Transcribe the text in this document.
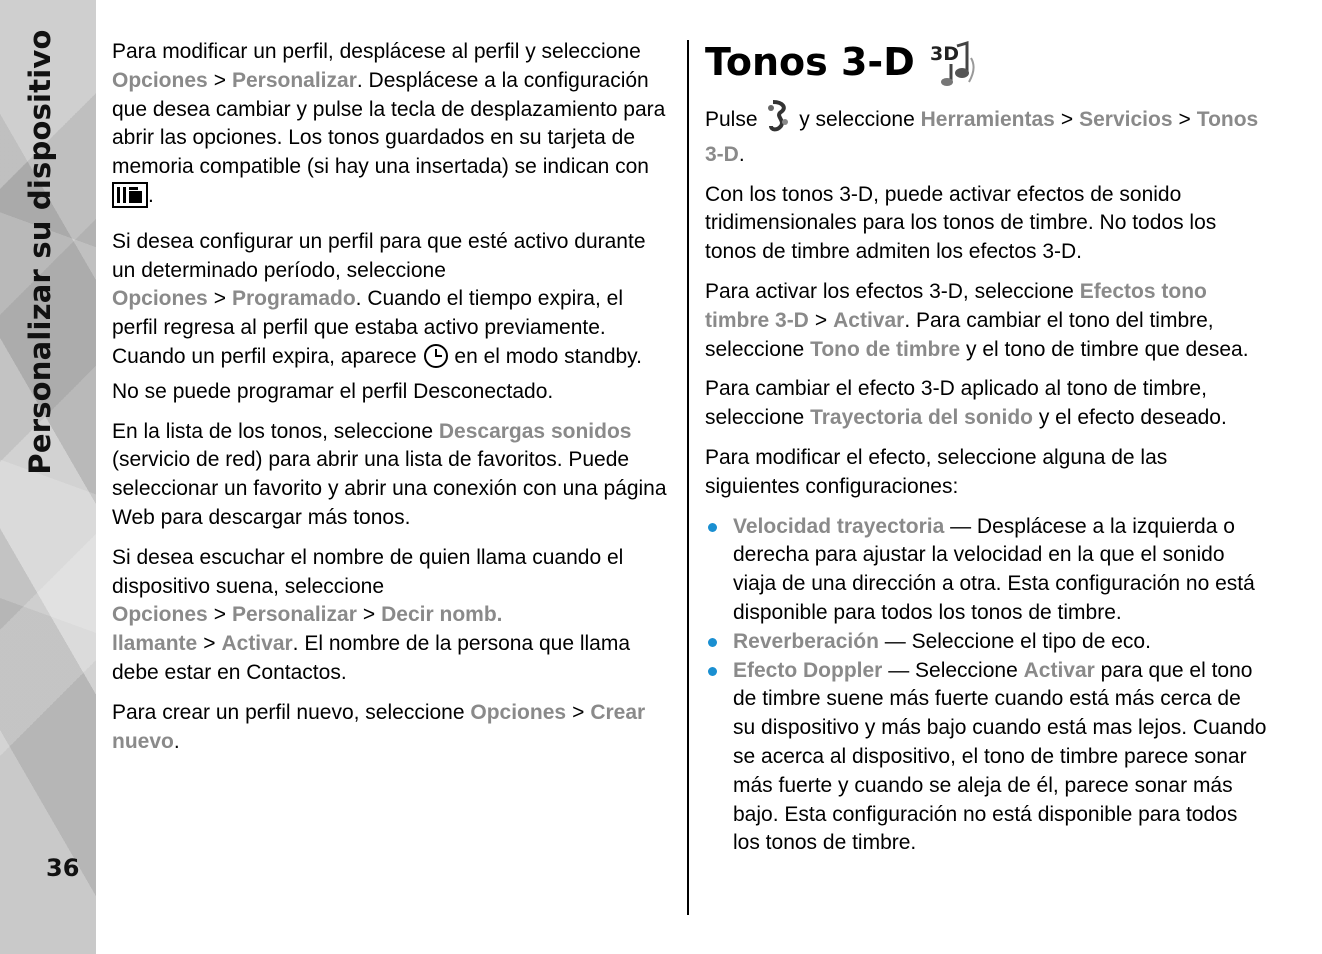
Personalizar su dispositivo
36

Para modificar un perfil, desplácese al perfil y seleccione Opciones > Personalizar. Desplácese a la configuración que desea cambiar y pulse la tecla de desplazamiento para abrir las opciones. Los tonos guardados en su tarjeta de memoria compatible (si hay una insertada) se indican con .

Si desea configurar un perfil para que esté activo durante un determinado período, seleccione Opciones > Programado. Cuando el tiempo expira, el perfil regresa al perfil que estaba activo previamente. Cuando un perfil expira, aparece en el modo standby. No se puede programar el perfil Desconectado.

En la lista de los tonos, seleccione Descargas sonidos (servicio de red) para abrir una lista de favoritos. Puede seleccionar un favorito y abrir una conexión con una página Web para descargar más tonos.

Si desea escuchar el nombre de quien llama cuando el dispositivo suena, seleccione Opciones > Personalizar > Decir nomb. llamante > Activar. El nombre de la persona que llama debe estar en Contactos.

Para crear un perfil nuevo, seleccione Opciones > Crear nuevo.

Tonos 3-D 3D

Pulse y seleccione Herramientas > Servicios > Tonos 3-D.

Con los tonos 3-D, puede activar efectos de sonido tridimensionales para los tonos de timbre. No todos los tonos de timbre admiten los efectos 3-D.

Para activar los efectos 3-D, seleccione Efectos tono timbre 3-D > Activar. Para cambiar el tono del timbre, seleccione Tono de timbre y el tono de timbre que desea.

Para cambiar el efecto 3-D aplicado al tono de timbre, seleccione Trayectoria del sonido y el efecto deseado.

Para modificar el efecto, seleccione alguna de las siguientes configuraciones:

Velocidad trayectoria — Desplácese a la izquierda o derecha para ajustar la velocidad en la que el sonido viaja de una dirección a otra. Esta configuración no está disponible para todos los tonos de timbre.
Reverberación — Seleccione el tipo de eco.
Efecto Doppler — Seleccione Activar para que el tono de timbre suene más fuerte cuando está más cerca de su dispositivo y más bajo cuando está mas lejos. Cuando se acerca al dispositivo, el tono de timbre parece sonar más fuerte y cuando se aleja de él, parece sonar más bajo. Esta configuración no está disponible para todos los tonos de timbre.
